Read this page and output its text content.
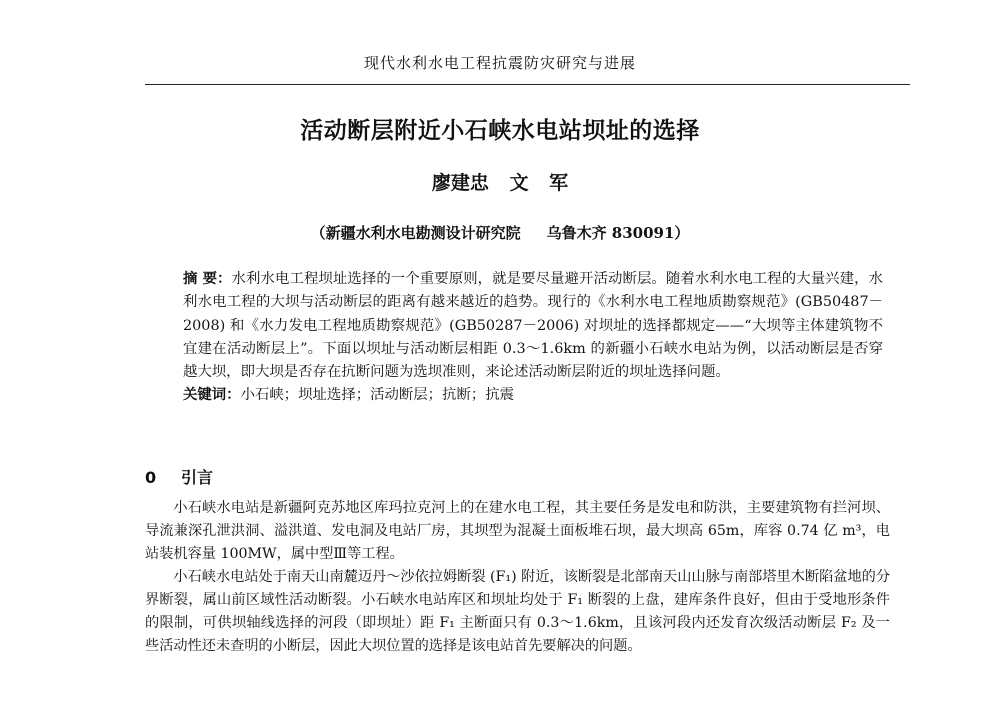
现代水利水电工程抗震防灾研究与进展
活动断层附近小石峡水电站坝址的选择
廖建忠 文 军
（新疆水利水电勘测设计研究院 乌鲁木齐 830091）

摘 要：水利水电工程坝址选择的一个重要原则，就是要尽量避开活动断层。随着水利水电工程的大量兴建，水利水电工程的大坝与活动断层的距离有越来越近的趋势。现行的《水利水电工程地质勘察规范》(GB50487－2008) 和《水力发电工程地质勘察规范》(GB50287－2006) 对坝址的选择都规定——“大坝等主体建筑物不宜建在活动断层上”。下面以坝址与活动断层相距 0.3～1.6km 的新疆小石峡水电站为例，以活动断层是否穿越大坝，即大坝是否存在抗断问题为选坝准则，来论述活动断层附近的坝址选择问题。

关键词：小石峡；坝址选择；活动断层；抗断；抗震

0 引言

小石峡水电站是新疆阿克苏地区库玛拉克河上的在建水电工程，其主要任务是发电和防洪，主要建筑物有拦河坝、导流兼深孔泄洪洞、溢洪道、发电洞及电站厂房，其坝型为混凝土面板堆石坝，最大坝高 65m，库容 0.74 亿 m³，电站装机容量 100MW，属中型Ⅲ等工程。

小石峡水电站处于南天山南麓迈丹～沙依拉姆断裂 (F₁) 附近，该断裂是北部南天山山脉与南部塔里木断陷盆地的分界断裂，属山前区域性活动断裂。小石峡水电站库区和坝址均处于 F₁ 断裂的上盘，建库条件良好，但由于受地形条件的限制，可供坝轴线选择的河段（即坝址）距 F₁ 主断面只有 0.3～1.6km，且该河段内还发育次级活动断层 F₂ 及一些活动性还未查明的小断层，因此大坝位置的选择是该电站首先要解决的问题。
